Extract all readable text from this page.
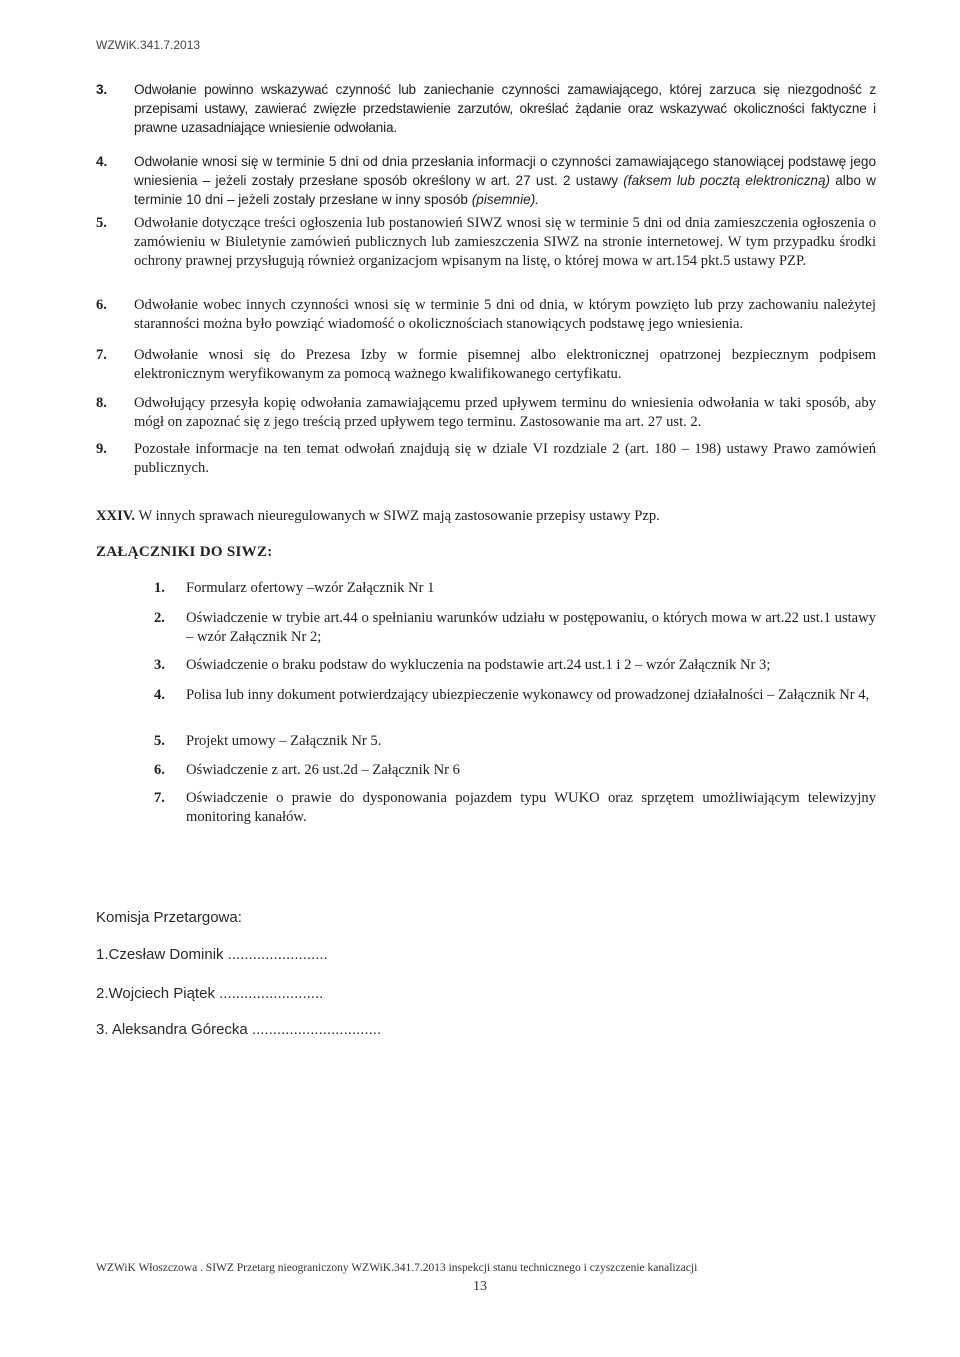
WZWiK.341.7.2013
3. Odwołanie powinno wskazywać czynność lub zaniechanie czynności zamawiającego, której zarzuca się niezgodność z przepisami ustawy, zawierać zwięzłe przedstawienie zarzutów, określać żądanie oraz wskazywać okoliczności faktyczne i prawne uzasadniające wniesienie odwołania.
4. Odwołanie wnosi się w terminie 5 dni od dnia przesłania informacji o czynności zamawiającego stanowiącej podstawę jego wniesienia – jeżeli zostały przesłane sposób określony w art. 27 ust. 2 ustawy (faksem lub pocztą elektroniczną) albo w terminie 10 dni – jeżeli zostały przesłane w inny sposób (pisemnie).
5. Odwołanie dotyczące treści ogłoszenia lub postanowień SIWZ wnosi się w terminie 5 dni od dnia zamieszczenia ogłoszenia o zamówieniu w Biuletynie zamówień publicznych lub zamieszczenia SIWZ na stronie internetowej. W tym przypadku środki ochrony prawnej przysługują również organizacjom wpisanym na listę, o której mowa w art.154 pkt.5 ustawy PZP.
6. Odwołanie wobec innych czynności wnosi się w terminie 5 dni od dnia, w którym powzięto lub przy zachowaniu należytej staranności można było powziąć wiadomość o okolicznościach stanowiących podstawę jego wniesienia.
7. Odwołanie wnosi się do Prezesa Izby w formie pisemnej albo elektronicznej opatrzonej bezpiecznym podpisem elektronicznym weryfikowanym za pomocą ważnego kwalifikowanego certyfikatu.
8. Odwołujący przesyła kopię odwołania zamawiającemu przed upływem terminu do wniesienia odwołania w taki sposób, aby mógł on zapoznać się z jego treścią przed upływem tego terminu. Zastosowanie ma art. 27 ust. 2.
9. Pozostałe informacje na ten temat odwołań znajdują się w dziale VI rozdziale 2 (art. 180 – 198) ustawy Prawo zamówień publicznych.
XXIV. W innych sprawach nieuregulowanych w SIWZ mają zastosowanie przepisy ustawy Pzp.
ZAŁĄCZNIKI DO SIWZ:
1. Formularz ofertowy –wzór Załącznik Nr 1
2. Oświadczenie w trybie art.44 o spełnianiu warunków udziału w postępowaniu, o których mowa w art.22 ust.1 ustawy – wzór Załącznik Nr 2;
3. Oświadczenie o braku podstaw do wykluczenia na podstawie art.24 ust.1 i 2 – wzór Załącznik Nr 3;
4. Polisa lub inny dokument potwierdzający ubiezpieczenie wykonawcy od prowadzonej działalności – Załącznik Nr 4,
5. Projekt umowy – Załącznik Nr 5.
6. Oświadczenie z art. 26 ust.2d – Załącznik Nr 6
7. Oświadczenie o prawie do dysponowania pojazdem typu WUKO oraz sprzętem umożliwiającym telewizyjny monitoring kanałów.
Komisja Przetargowa:
1.Czesław Dominik ........................
2.Wojciech Piątek .........................
3. Aleksandra Górecka ...............................
WZWiK Włoszczowa . SIWZ Przetarg nieograniczony WZWiK.341.7.2013 inspekcji stanu technicznego i czyszczenie kanalizacji
13
